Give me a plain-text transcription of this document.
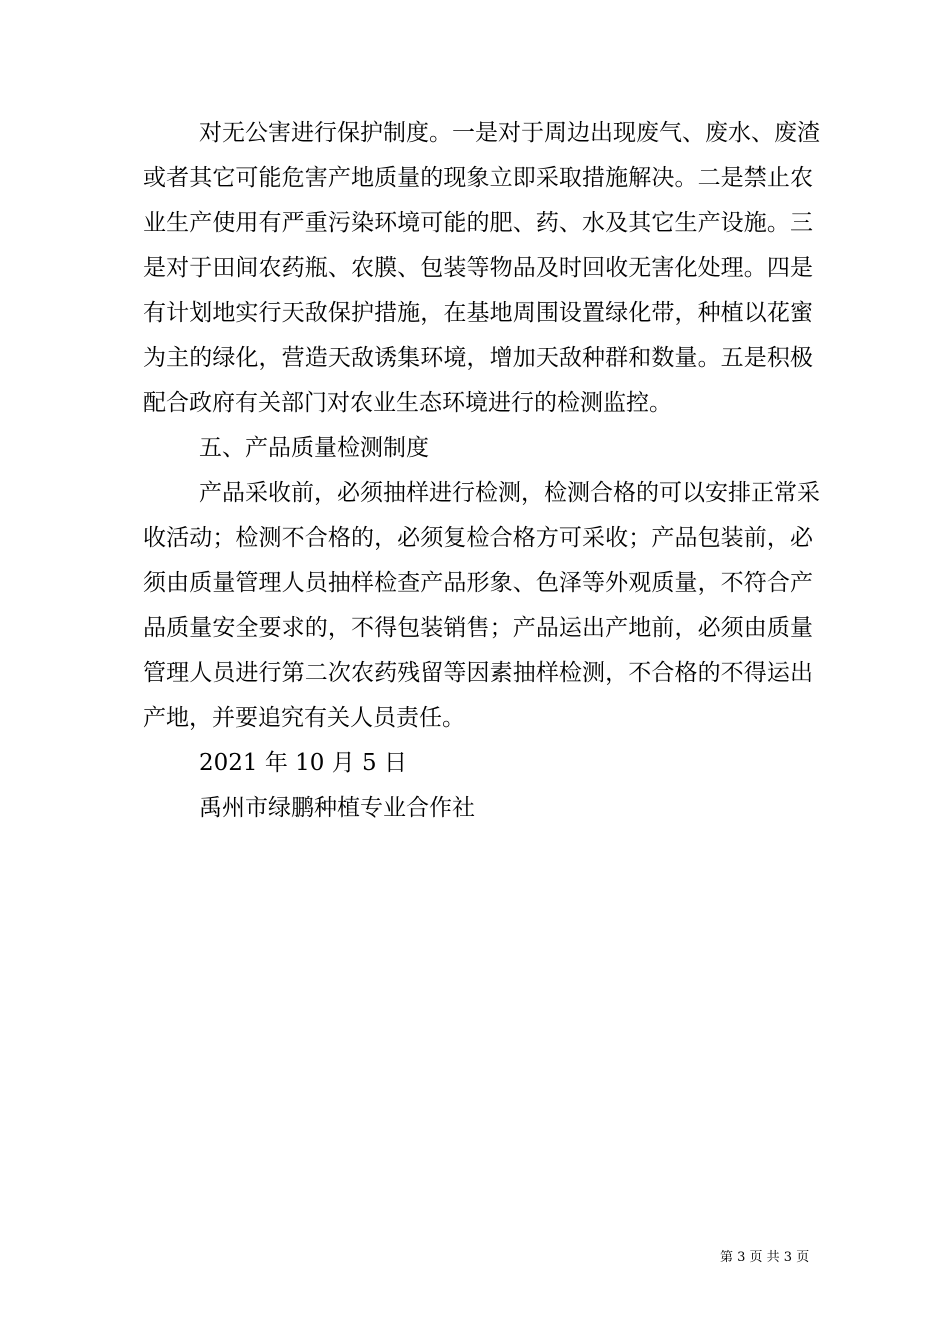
对无公害进行保护制度。一是对于周边出现废气、废水、废渣
或者其它可能危害产地质量的现象立即采取措施解决。二是禁止农
业生产使用有严重污染环境可能的肥、药、水及其它生产设施。三
是对于田间农药瓶、农膜、包装等物品及时回收无害化处理。四是
有计划地实行天敌保护措施，在基地周围设置绿化带，种植以花蜜
为主的绿化，营造天敌诱集环境，增加天敌种群和数量。五是积极
配合政府有关部门对农业生态环境进行的检测监控。
五、产品质量检测制度
产品采收前，必须抽样进行检测，检测合格的可以安排正常采
收活动；检测不合格的，必须复检合格方可采收；产品包装前，必
须由质量管理人员抽样检查产品形象、色泽等外观质量，不符合产
品质量安全要求的，不得包装销售；产品运出产地前，必须由质量
管理人员进行第二次农药残留等因素抽样检测，不合格的不得运出
产地，并要追究有关人员责任。
2021 年 10 月 5 日
禹州市绿鹏种植专业合作社
第 3 页 共 3 页
